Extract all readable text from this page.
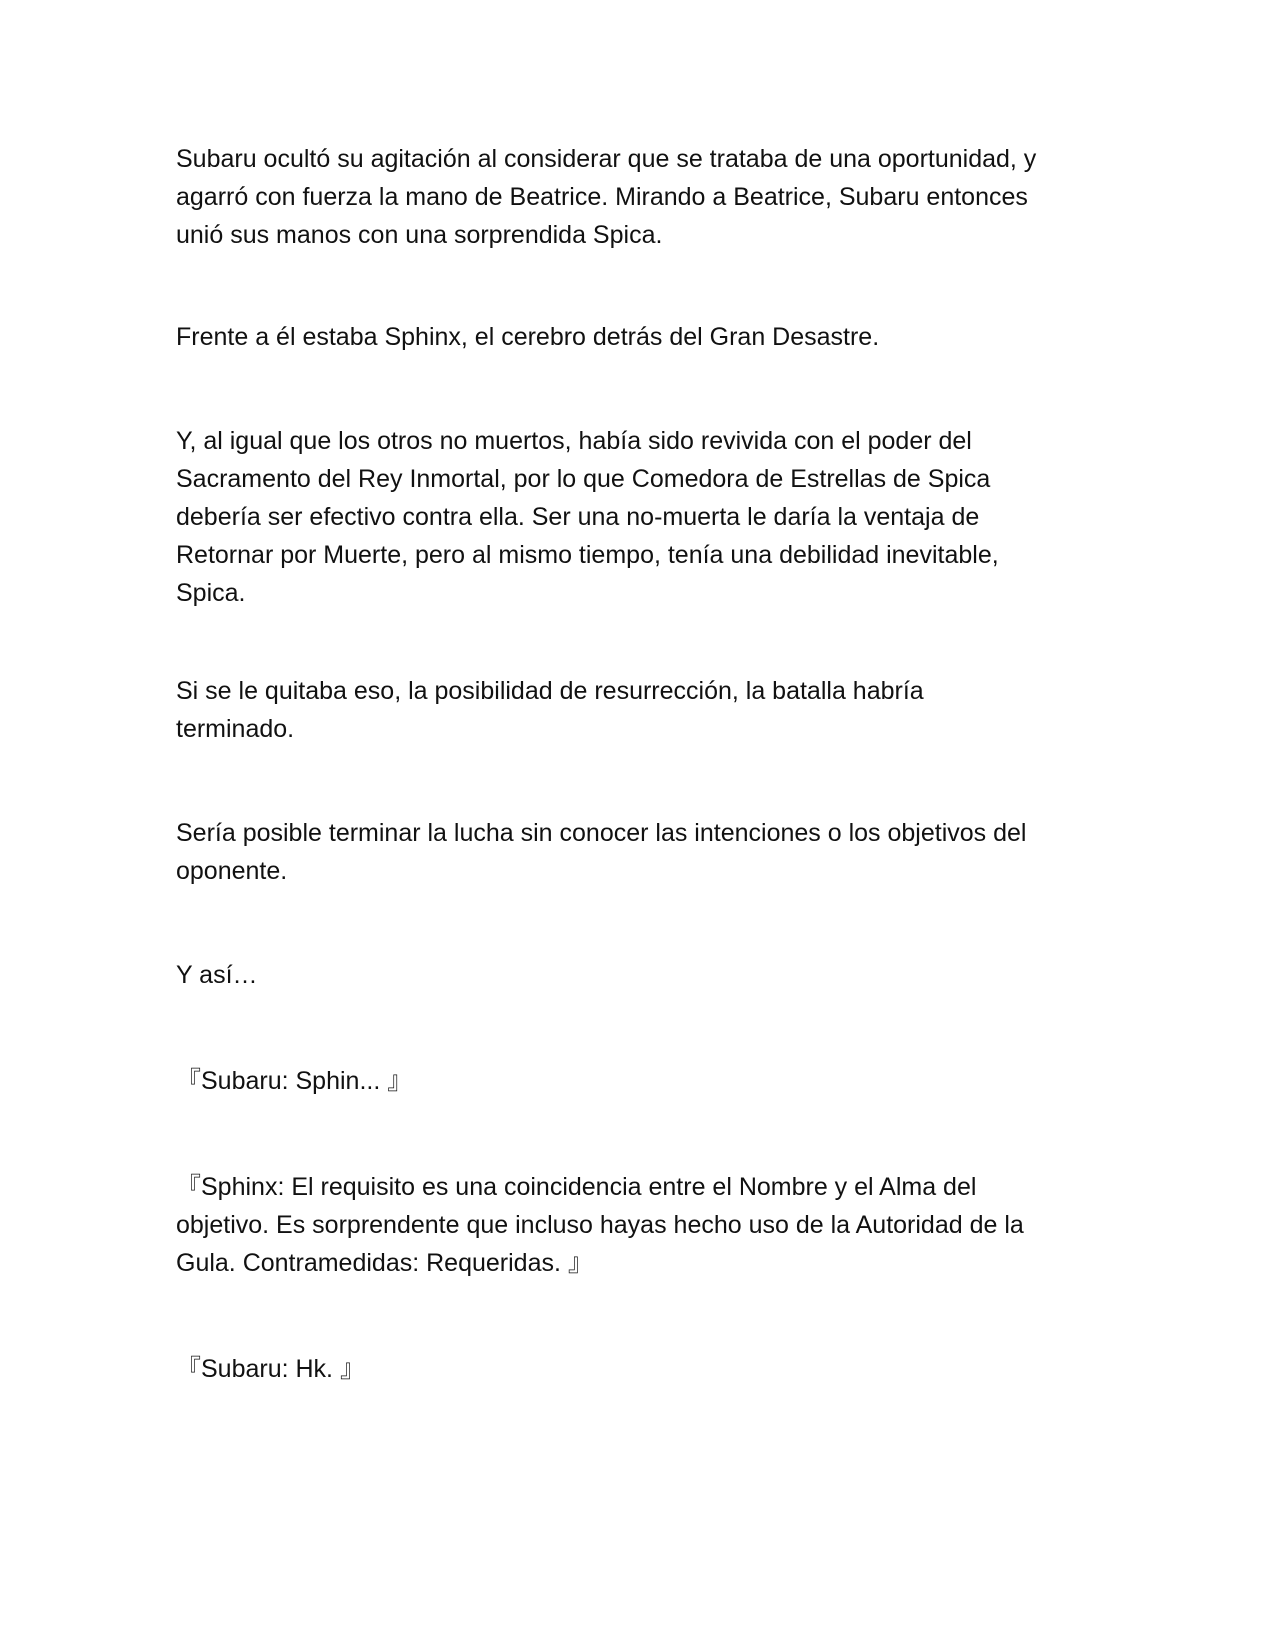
Subaru ocultó su agitación al considerar que se trataba de una oportunidad, y
agarró con fuerza la mano de Beatrice. Mirando a Beatrice, Subaru entonces
unió sus manos con una sorprendida Spica.

Frente a él estaba Sphinx, el cerebro detrás del Gran Desastre.

Y, al igual que los otros no muertos, había sido revivida con el poder del
Sacramento del Rey Inmortal, por lo que Comedora de Estrellas de Spica
debería ser efectivo contra ella. Ser una no-muerta le daría la ventaja de
Retornar por Muerte, pero al mismo tiempo, tenía una debilidad inevitable,
Spica.

Si se le quitaba eso, la posibilidad de resurrección, la batalla habría
terminado.

Sería posible terminar la lucha sin conocer las intenciones o los objetivos del
oponente.

Y así…

『Subaru: Sphin... 』

『Sphinx: El requisito es una coincidencia entre el Nombre y el Alma del
objetivo. Es sorprendente que incluso hayas hecho uso de la Autoridad de la
Gula. Contramedidas: Requeridas. 』

『Subaru: Hk. 』
